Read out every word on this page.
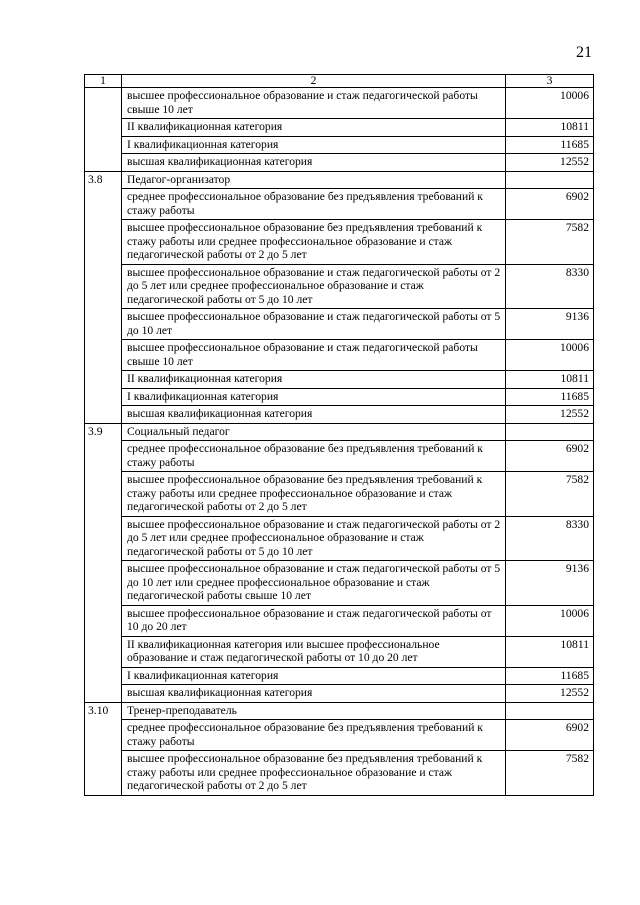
21
1	2	3
	высшее профессиональное образование и стаж педагогической работы свыше 10 лет	10006
	II квалификационная категория	10811
	I квалификационная категория	11685
	высшая квалификационная категория	12552
3.8	Педагог-организатор	
	среднее профессиональное образование без предъявления требований к стажу работы	6902
	высшее профессиональное образование без предъявления требований к стажу работы или среднее профессиональное образование и стаж педагогической работы от 2 до 5 лет	7582
	высшее профессиональное образование и стаж педагогической работы от 2 до 5 лет или среднее профессиональное образование и стаж педагогической работы от 5 до 10 лет	8330
	высшее профессиональное образование и стаж педагогической работы от 5 до 10 лет	9136
	высшее профессиональное образование и стаж педагогической работы свыше 10 лет	10006
	II квалификационная категория	10811
	I квалификационная категория	11685
	высшая квалификационная категория	12552
3.9	Социальный педагог	
	среднее профессиональное образование без предъявления требований к стажу работы	6902
	высшее профессиональное образование без предъявления требований к стажу работы или среднее профессиональное образование и стаж педагогической работы от 2 до 5 лет	7582
	высшее профессиональное образование и стаж педагогической работы от 2 до 5 лет или среднее профессиональное образование и стаж педагогической работы от 5 до 10 лет	8330
	высшее профессиональное образование и стаж педагогической работы от 5 до 10 лет или среднее профессиональное образование и стаж педагогической работы свыше 10 лет	9136
	высшее профессиональное образование и стаж педагогической работы от 10 до 20 лет	10006
	II квалификационная категория или высшее профессиональное образование и стаж педагогической работы от 10 до 20 лет	10811
	I квалификационная категория	11685
	высшая квалификационная категория	12552
3.10	Тренер-преподаватель	
	среднее профессиональное образование без предъявления требований к стажу работы	6902
	высшее профессиональное образование без предъявления требований к стажу работы или среднее профессиональное образование и стаж педагогической работы от 2 до 5 лет	7582
